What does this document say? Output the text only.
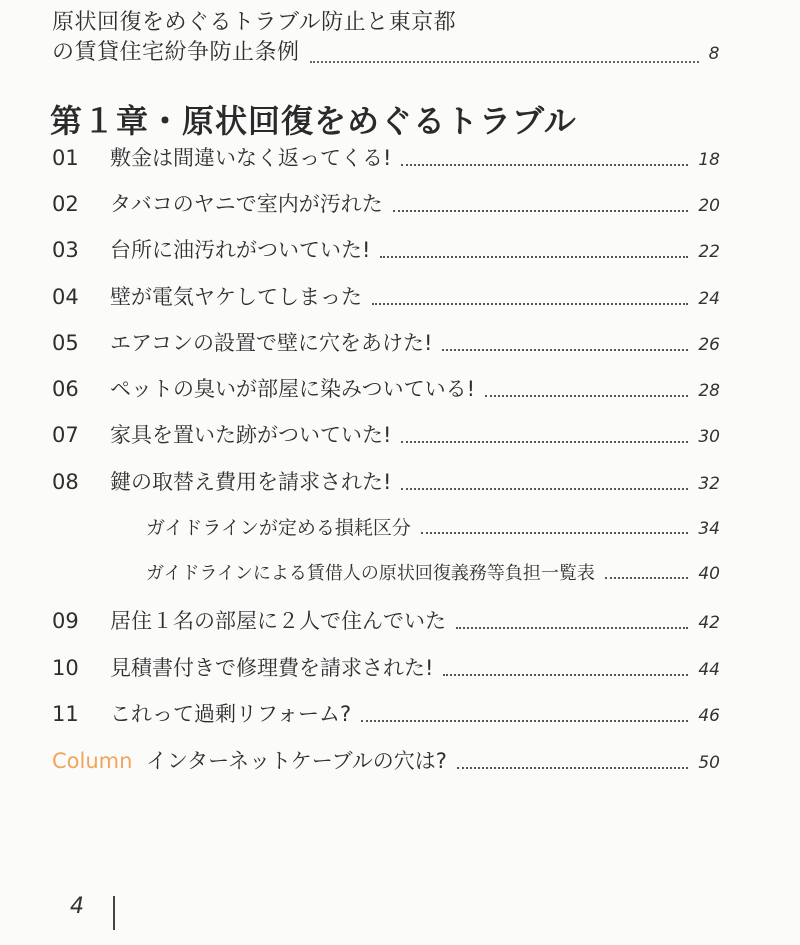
原状回復をめぐるトラブル防止と東京都
の賃貸住宅紛争防止条例	8
第１章・原状回復をめぐるトラブル
01	敷金は間違いなく返ってくる!	18
02	タバコのヤニで室内が汚れた	20
03	台所に油汚れがついていた!	22
04	壁が電気ヤケしてしまった	24
05	エアコンの設置で壁に穴をあけた!	26
06	ペットの臭いが部屋に染みついている!	28
07	家具を置いた跡がついていた!	30
08	鍵の取替え費用を請求された!	32
ガイドラインが定める損耗区分	34
ガイドラインによる賃借人の原状回復義務等負担一覧表	40
09	居住１名の部屋に２人で住んでいた	42
10	見積書付きで修理費を請求された!	44
11	これって過剰リフォーム?	46
Column インターネットケーブルの穴は?	50
4
